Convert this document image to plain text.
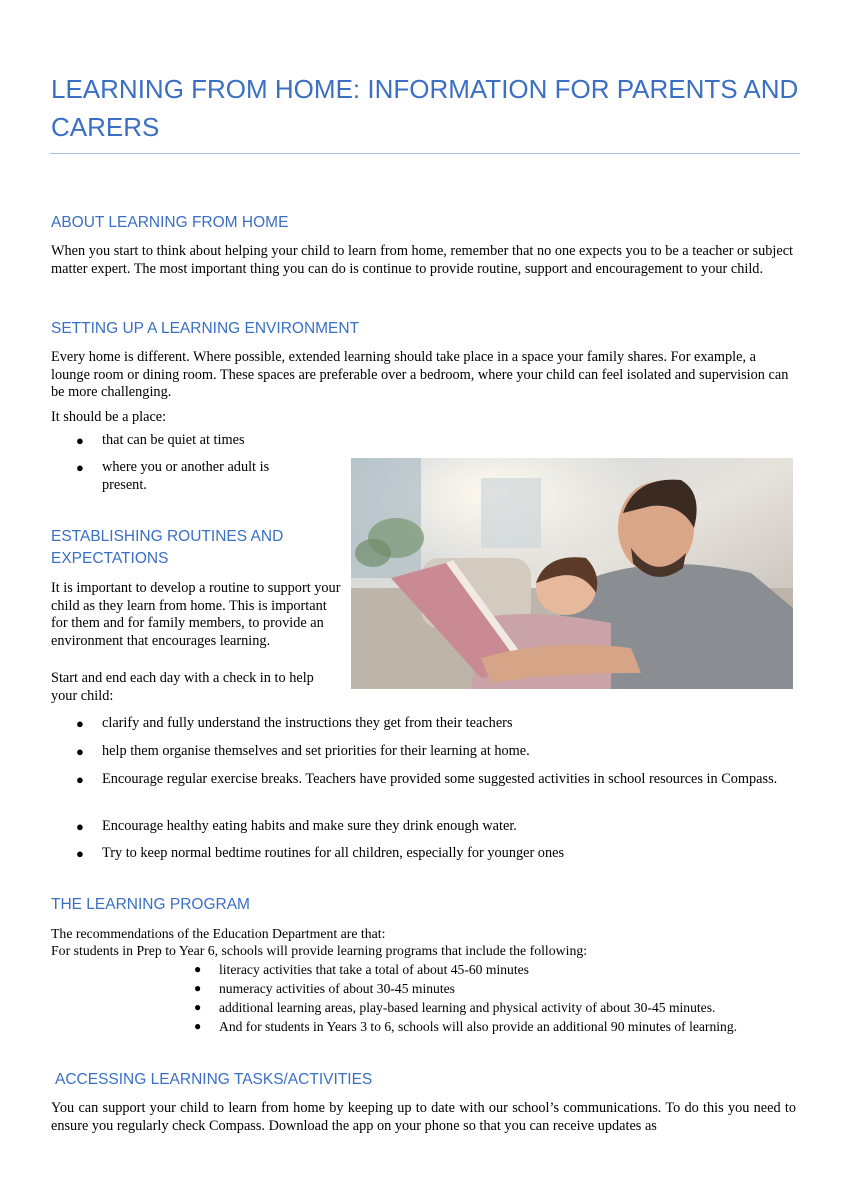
LEARNING FROM HOME: INFORMATION FOR PARENTS AND CARERS
ABOUT LEARNING FROM HOME

When you start to think about helping your child to learn from home, remember that no one expects you to be a teacher or subject matter expert. The most important thing you can do is continue to provide routine, support and encouragement to your child.

SETTING UP A LEARNING ENVIRONMENT

Every home is different. Where possible, extended learning should take place in a space your family shares. For example, a lounge room or dining room. These spaces are preferable over a bedroom, where your child can feel isolated and supervision can be more challenging.

It should be a place:

● that can be quiet at times
● where you or another adult is present.
ESTABLISHING ROUTINES AND EXPECTATIONS

It is important to develop a routine to support your child as they learn from home. This is important for them and for family members, to provide an environment that encourages learning.

Start and end each day with a check in to help your child:

● clarify and fully understand the instructions they get from their teachers
● help them organise themselves and set priorities for their learning at home.
● Encourage regular exercise breaks. Teachers have provided some suggested activities in school resources in Compass.
● Encourage healthy eating habits and make sure they drink enough water.
● Try to keep normal bedtime routines for all children, especially for younger ones
THE LEARNING PROGRAM

The recommendations of the Education Department are that:

For students in Prep to Year 6, schools will provide learning programs that include the following:

● literacy activities that take a total of about 45-60 minutes
● numeracy activities of about 30-45 minutes
● additional learning areas, play-based learning and physical activity of about 30-45 minutes.
● And for students in Years 3 to 6, schools will also provide an additional 90 minutes of learning.
ACCESSING LEARNING TASKS/ACTIVITIES

You can support your child to learn from home by keeping up to date with our school’s communications. To do this you need to ensure you regularly check Compass. Download the app on your phone so that you can receive updates as
